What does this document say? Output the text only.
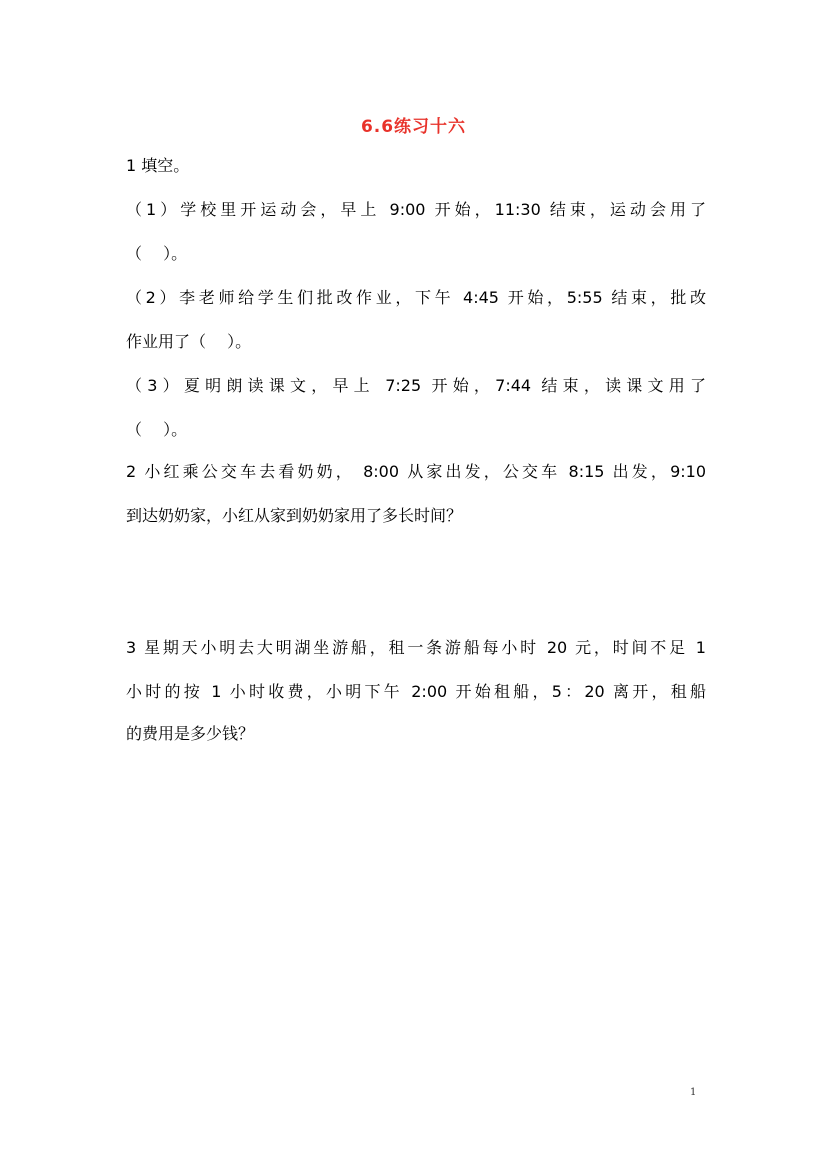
6.6练习十六
1 填空。
（1）学校里开运动会，早上 9:00 开始，11:30 结束，运动会用了
（　 ）。
（2）李老师给学生们批改作业，下午 4:45 开始，5:55 结束，批改
作业用了（　 ）。
（3）夏明朗读课文，早上 7:25 开始，7:44 结束，读课文用了
（　 ）。
2 小红乘公交车去看奶奶， 8:00 从家出发，公交车 8:15 出发，9:10
到达奶奶家，小红从家到奶奶家用了多长时间？
3 星期天小明去大明湖坐游船，租一条游船每小时 20 元，时间不足 1
小时的按 1 小时收费，小明下午 2:00 开始租船，5：20 离开，租船
的费用是多少钱？
1
